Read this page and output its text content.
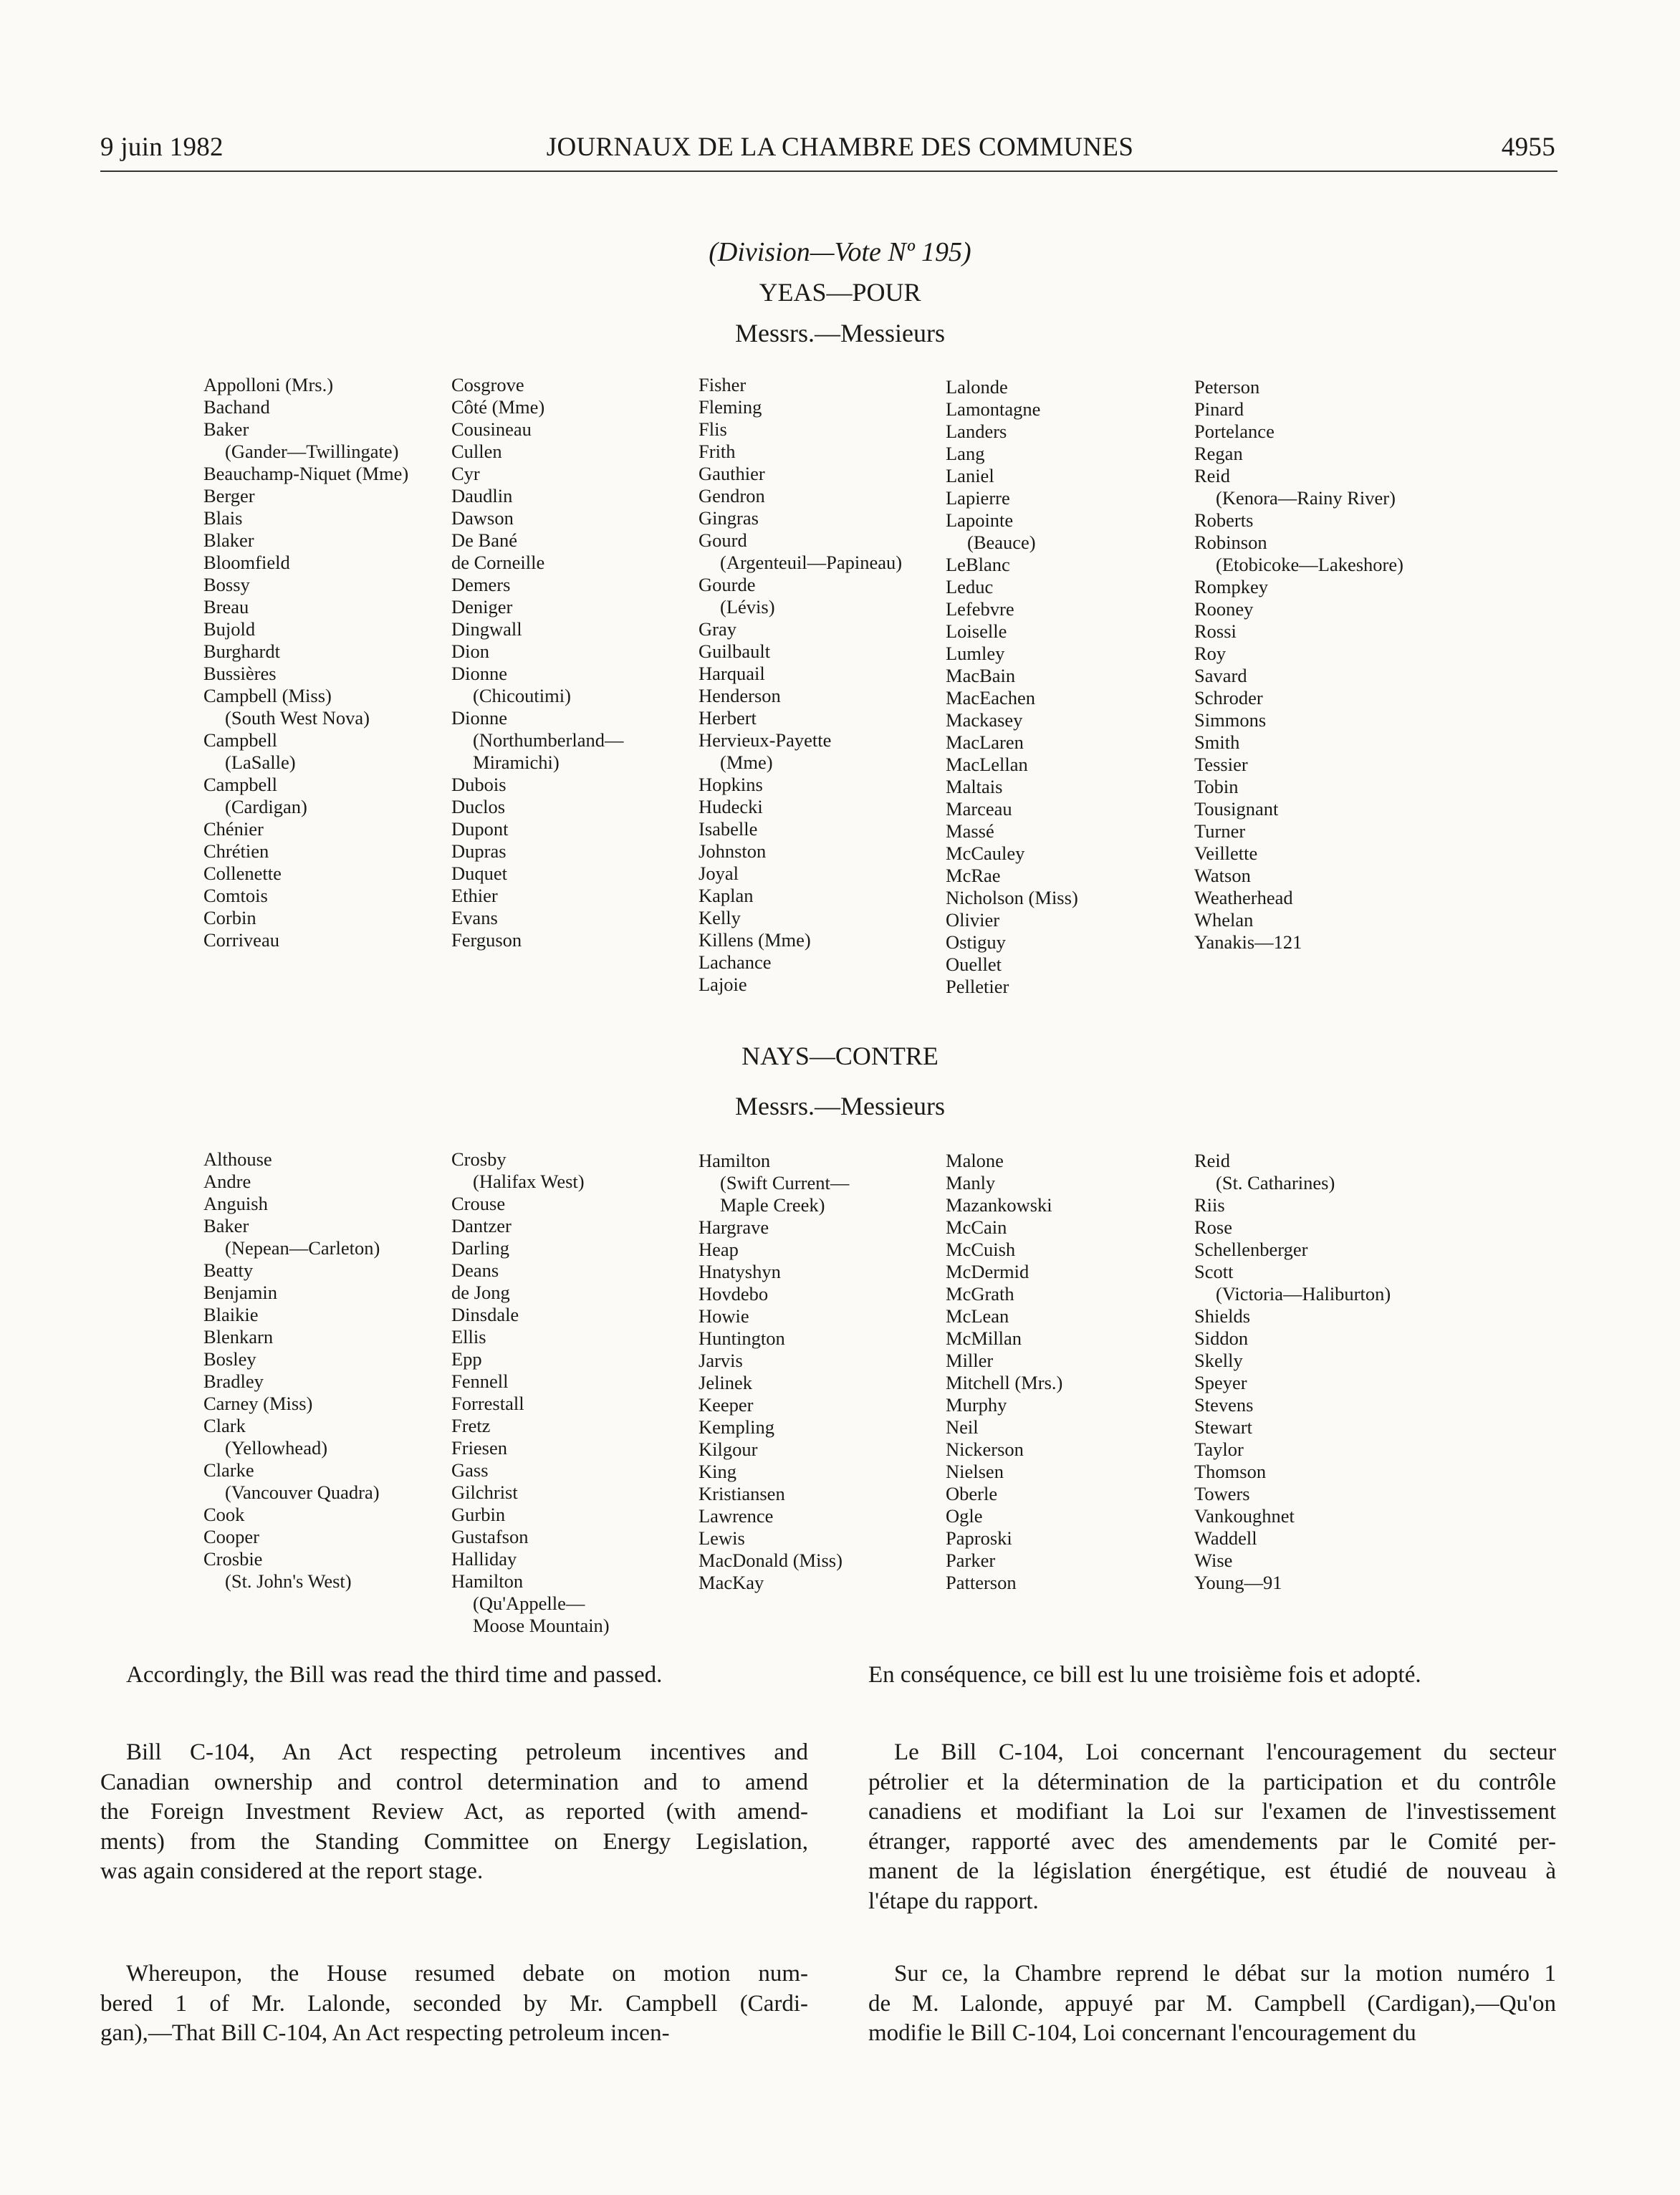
9 juin 1982	JOURNAUX DE LA CHAMBRE DES COMMUNES	4955
(Division—Vote Nº 195)
YEAS—POUR
Messrs.—Messieurs
Appolloni (Mrs.)
Bachand
Baker
(Gander—Twillingate)
Beauchamp-Niquet (Mme)
Berger
Blais
Blaker
Bloomfield
Bossy
Breau
Bujold
Burghardt
Bussières
Campbell (Miss)
(South West Nova)
Campbell
(LaSalle)
Campbell
(Cardigan)
Chénier
Chrétien
Collenette
Comtois
Corbin
Corriveau
Cosgrove
Côté (Mme)
Cousineau
Cullen
Cyr
Daudlin
Dawson
De Bané
de Corneille
Demers
Deniger
Dingwall
Dion
Dionne
(Chicoutimi)
Dionne
(Northumberland—
Miramichi)
Dubois
Duclos
Dupont
Dupras
Duquet
Ethier
Evans
Ferguson
Fisher
Fleming
Flis
Frith
Gauthier
Gendron
Gingras
Gourd
(Argenteuil—Papineau)
Gourde
(Lévis)
Gray
Guilbault
Harquail
Henderson
Herbert
Hervieux-Payette
(Mme)
Hopkins
Hudecki
Isabelle
Johnston
Joyal
Kaplan
Kelly
Killens (Mme)
Lachance
Lajoie
Lalonde
Lamontagne
Landers
Lang
Laniel
Lapierre
Lapointe
(Beauce)
LeBlanc
Leduc
Lefebvre
Loiselle
Lumley
MacBain
MacEachen
Mackasey
MacLaren
MacLellan
Maltais
Marceau
Massé
McCauley
McRae
Nicholson (Miss)
Olivier
Ostiguy
Ouellet
Pelletier
Peterson
Pinard
Portelance
Regan
Reid
(Kenora—Rainy River)
Roberts
Robinson
(Etobicoke—Lakeshore)
Rompkey
Rooney
Rossi
Roy
Savard
Schroder
Simmons
Smith
Tessier
Tobin
Tousignant
Turner
Veillette
Watson
Weatherhead
Whelan
Yanakis—121
NAYS—CONTRE
Messrs.—Messieurs
Althouse
Andre
Anguish
Baker
(Nepean—Carleton)
Beatty
Benjamin
Blaikie
Blenkarn
Bosley
Bradley
Carney (Miss)
Clark
(Yellowhead)
Clarke
(Vancouver Quadra)
Cook
Cooper
Crosbie
(St. John's West)
Crosby
(Halifax West)
Crouse
Dantzer
Darling
Deans
de Jong
Dinsdale
Ellis
Epp
Fennell
Forrestall
Fretz
Friesen
Gass
Gilchrist
Gurbin
Gustafson
Halliday
Hamilton
(Qu'Appelle—
Moose Mountain)
Hamilton
(Swift Current—
Maple Creek)
Hargrave
Heap
Hnatyshyn
Hovdebo
Howie
Huntington
Jarvis
Jelinek
Keeper
Kempling
Kilgour
King
Kristiansen
Lawrence
Lewis
MacDonald (Miss)
MacKay
Malone
Manly
Mazankowski
McCain
McCuish
McDermid
McGrath
McLean
McMillan
Miller
Mitchell (Mrs.)
Murphy
Neil
Nickerson
Nielsen
Oberle
Ogle
Paproski
Parker
Patterson
Reid
(St. Catharines)
Riis
Rose
Schellenberger
Scott
(Victoria—Haliburton)
Shields
Siddon
Skelly
Speyer
Stevens
Stewart
Taylor
Thomson
Towers
Vankoughnet
Waddell
Wise
Young—91
Accordingly, the Bill was read the third time and passed.	En conséquence, ce bill est lu une troisième fois et adopté.
Bill C-104, An Act respecting petroleum incentives and
Canadian ownership and control determination and to amend
the Foreign Investment Review Act, as reported (with amend-
ments) from the Standing Committee on Energy Legislation,
was again considered at the report stage.
Le Bill C-104, Loi concernant l'encouragement du secteur
pétrolier et la détermination de la participation et du contrôle
canadiens et modifiant la Loi sur l'examen de l'investissement
étranger, rapporté avec des amendements par le Comité per-
manent de la législation énergétique, est étudié de nouveau à
l'étape du rapport.
Whereupon, the House resumed debate on motion num-
bered 1 of Mr. Lalonde, seconded by Mr. Campbell (Cardi-
gan),—That Bill C-104, An Act respecting petroleum incen-
Sur ce, la Chambre reprend le débat sur la motion numéro 1
de M. Lalonde, appuyé par M. Campbell (Cardigan),—Qu'on
modifie le Bill C-104, Loi concernant l'encouragement du
